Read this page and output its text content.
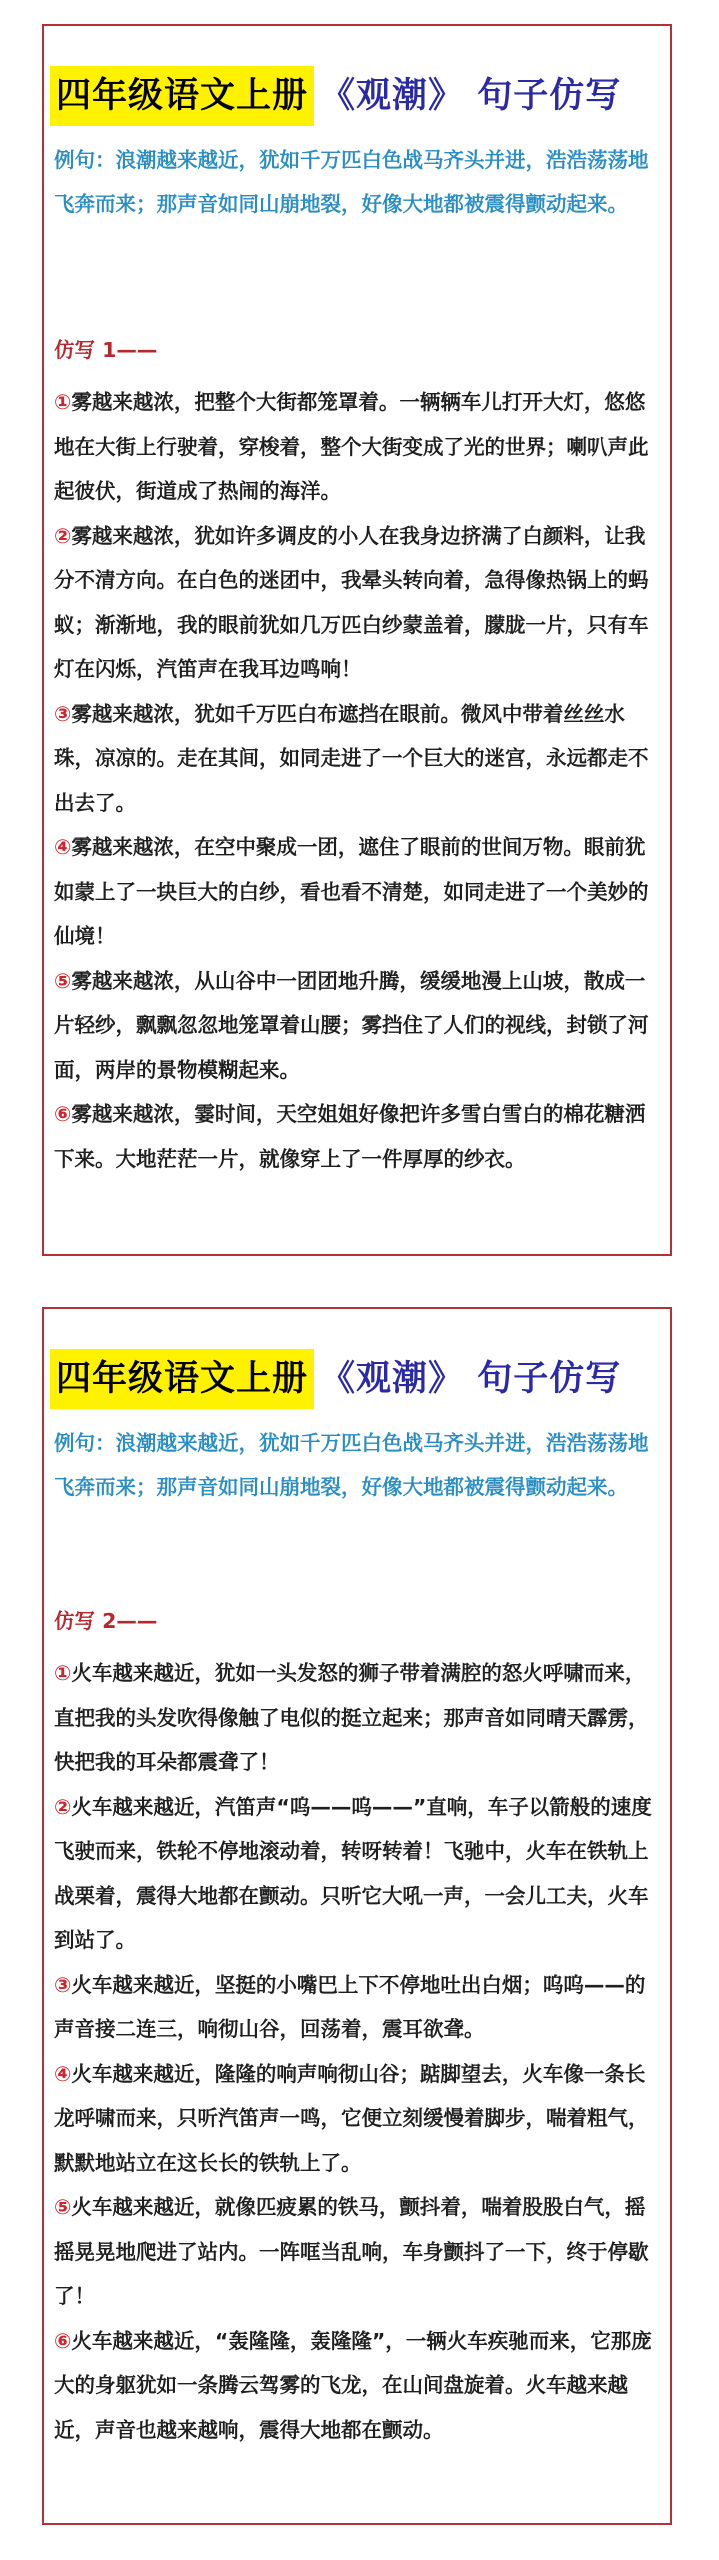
四年级语文上册 《观潮》 句子仿写
例句：浪潮越来越近，犹如千万匹白色战马齐头并进，浩浩荡荡地飞奔而来；那声音如同山崩地裂，好像大地都被震得颤动起来。
仿写 1——

①雾越来越浓，把整个大街都笼罩着。一辆辆车儿打开大灯，悠悠地在大街上行驶着，穿梭着，整个大街变成了光的世界；喇叭声此起彼伏，街道成了热闹的海洋。

②雾越来越浓，犹如许多调皮的小人在我身边挤满了白颜料，让我分不清方向。在白色的迷团中，我晕头转向着，急得像热锅上的蚂蚁；渐渐地，我的眼前犹如几万匹白纱蒙盖着，朦胧一片，只有车灯在闪烁，汽笛声在我耳边鸣响！

③雾越来越浓，犹如千万匹白布遮挡在眼前。微风中带着丝丝水珠，凉凉的。走在其间，如同走进了一个巨大的迷宫，永远都走不出去了。

④雾越来越浓，在空中聚成一团，遮住了眼前的世间万物。眼前犹如蒙上了一块巨大的白纱，看也看不清楚，如同走进了一个美妙的仙境！

⑤雾越来越浓，从山谷中一团团地升腾，缓缓地漫上山坡，散成一片轻纱，飘飘忽忽地笼罩着山腰；雾挡住了人们的视线，封锁了河面，两岸的景物模糊起来。

⑥雾越来越浓，霎时间，天空姐姐好像把许多雪白雪白的棉花糖洒下来。大地茫茫一片，就像穿上了一件厚厚的纱衣。

四年级语文上册 《观潮》 句子仿写
例句：浪潮越来越近，犹如千万匹白色战马齐头并进，浩浩荡荡地飞奔而来；那声音如同山崩地裂，好像大地都被震得颤动起来。
仿写 2——

①火车越来越近，犹如一头发怒的狮子带着满腔的怒火呼啸而来，直把我的头发吹得像触了电似的挺立起来；那声音如同晴天霹雳，快把我的耳朵都震聋了！

②火车越来越近，汽笛声“呜——呜——”直响，车子以箭般的速度飞驶而来，铁轮不停地滚动着，转呀转着！飞驰中，火车在铁轨上战栗着，震得大地都在颤动。只听它大吼一声，一会儿工夫，火车到站了。

③火车越来越近，坚挺的小嘴巴上下不停地吐出白烟；呜呜——的声音接二连三，响彻山谷，回荡着，震耳欲聋。

④火车越来越近，隆隆的响声响彻山谷；踮脚望去，火车像一条长龙呼啸而来，只听汽笛声一鸣，它便立刻缓慢着脚步，喘着粗气，默默地站立在这长长的铁轨上了。

⑤火车越来越近，就像匹疲累的铁马，颤抖着，喘着股股白气，摇摇晃晃地爬进了站内。一阵哐当乱响，车身颤抖了一下，终于停歇了！

⑥火车越来越近，“轰隆隆，轰隆隆”，一辆火车疾驰而来，它那庞大的身躯犹如一条腾云驾雾的飞龙，在山间盘旋着。火车越来越近，声音也越来越响，震得大地都在颤动。
